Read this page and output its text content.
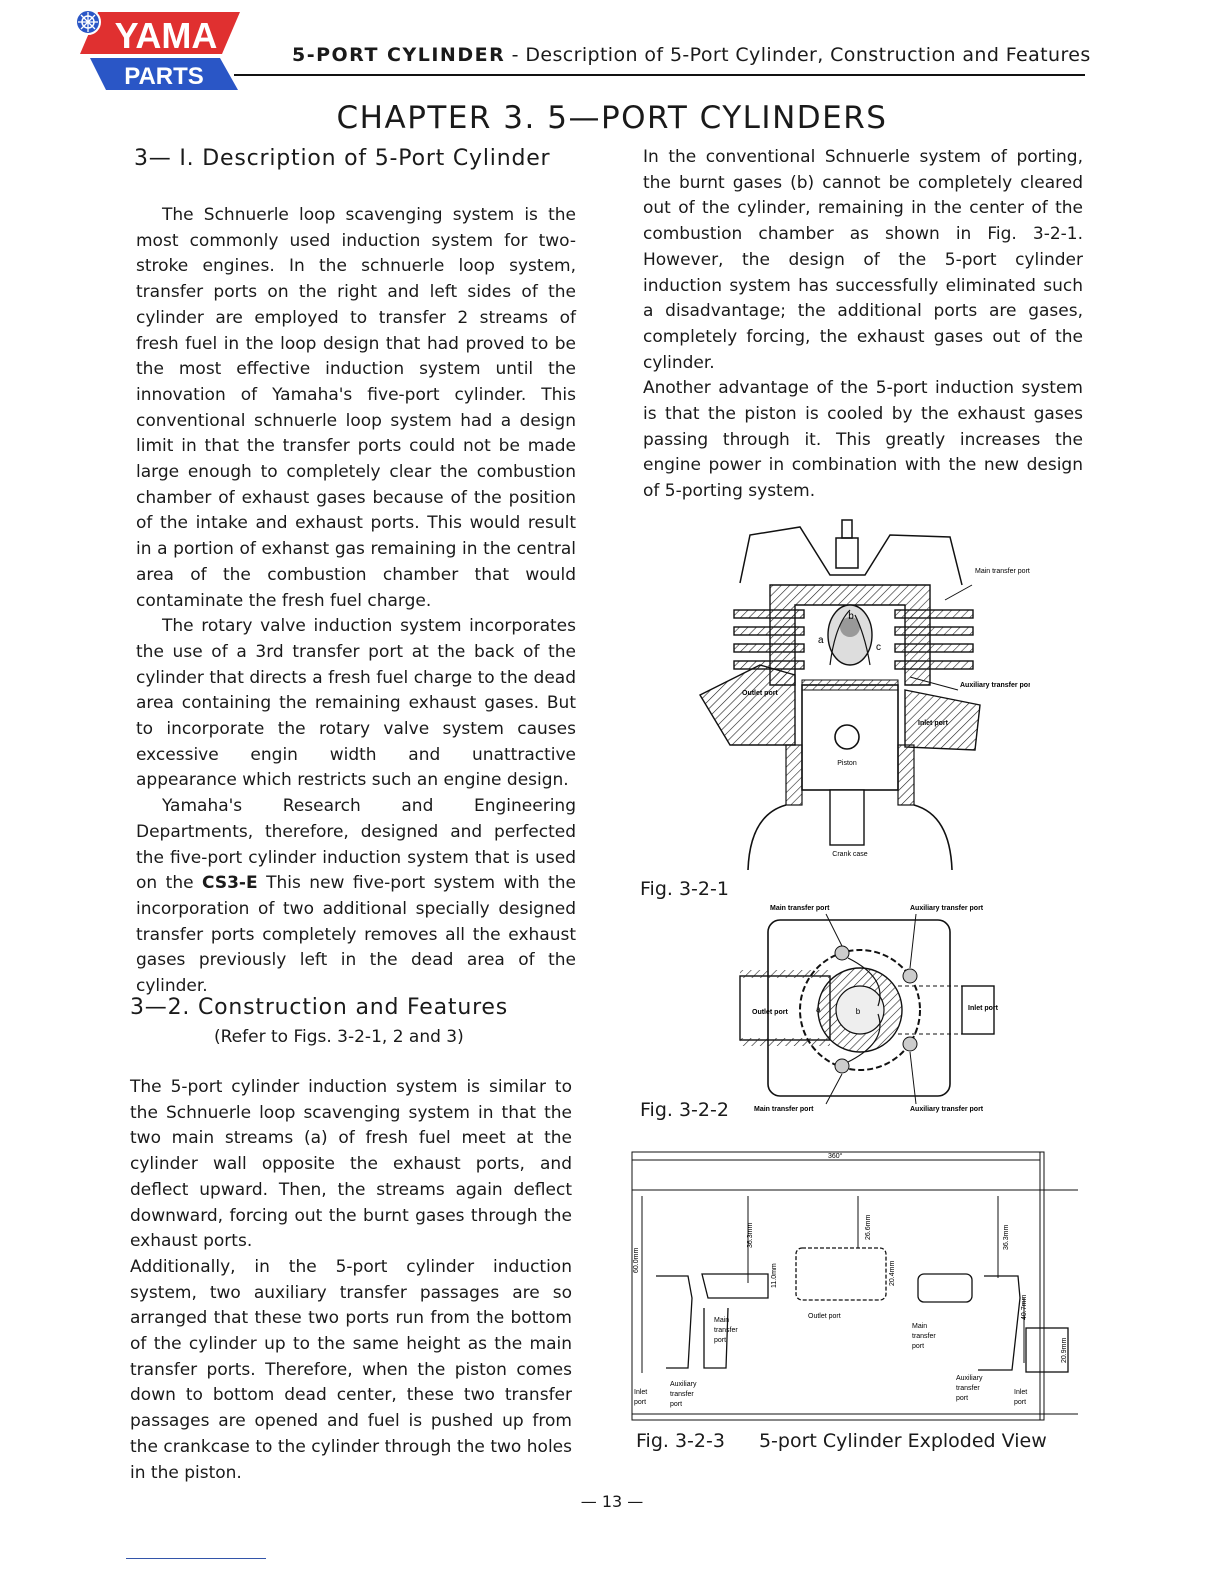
YAMA
PARTS
5-PORT CYLINDER - Description of 5-Port Cylinder, Construction and Features
CHAPTER 3. 5—PORT CYLINDERS
3— I. Description of 5-Port Cylinder

The Schnuerle loop scavenging system is the most commonly used induction system for two-stroke engines. In the schnuerle loop system, transfer ports on the right and left sides of the cylinder are employed to transfer 2 streams of fresh fuel in the loop design that had proved to be the most effective induction system until the innovation of Yamaha's five-port cylinder. This conventional schnuerle loop system had a design limit in that the transfer ports could not be made large enough to completely clear the combustion chamber of exhaust gases because of the position of the intake and exhaust ports. This would result in a portion of exhanst gas remaining in the central area of the combustion chamber that would contaminate the fresh fuel charge.

The rotary valve induction system incorporates the use of a 3rd transfer port at the back of the cylinder that directs a fresh fuel charge to the dead area containing the remaining exhaust gases. But to incorporate the rotary valve system causes excessive engin width and unattractive appearance which restricts such an engine design.

Yamaha's Research and Engineering Departments, therefore, designed and perfected the five-port cylinder induction system that is used on the CS3-E This new five-port system with the incorporation of two additional specially designed transfer ports completely removes all the exhaust gases previously left in the dead area of the cylinder.

3—2. Construction and Features
(Refer to Figs. 3-2-1, 2 and 3)

The 5-port cylinder induction system is similar to the Schnuerle loop scavenging system in that the two main streams (a) of fresh fuel meet at the cylinder wall opposite the exhaust ports, and deflect upward. Then, the streams again deflect downward, forcing out the burnt gases through the exhaust ports.

Additionally, in the 5-port cylinder induction system, two auxiliary transfer passages are so arranged that these two ports run from the bottom of the cylinder up to the same height as the main transfer ports. Therefore, when the piston comes down to bottom dead center, these two transfer passages are opened and fuel is pushed up from the crankcase to the cylinder through the two holes in the piston.

In the conventional Schnuerle system of porting, the burnt gases (b) cannot be completely cleared out of the cylinder, remaining in the center of the combustion chamber as shown in Fig. 3-2-1. However, the design of the 5-port cylinder induction system has successfully eliminated such a disadvantage; the additional ports are gases, completely forcing, the exhaust gases out of the cylinder.

Another advantage of the 5-port induction system is that the piston is cooled by the exhaust gases passing through it. This greatly increases the engine power in combination with the new design of 5-porting system.

b
a
c
Outlet port
Inlet port
Piston
Crank case
Main transfer port
Auxiliary transfer port
Fig. 3-2-1
Main transfer port	Auxiliary transfer port
Outlet port
Inlet port
b
a
Main transfer port	Auxiliary transfer port
Fig. 3-2-2
360°
60.0mm
36.3mm
11.0mm
26.6mm
20.4mm
36.3mm
40.7mm
20.9mm
Main
transfer
port
Outlet port
Main
transfer
port
Auxiliary
transfer
port
Auxiliary
transfer
port
Inlet
port
Inlet
port
Fig. 3-2-3 5-port Cylinder Exploded View
— 13 —
